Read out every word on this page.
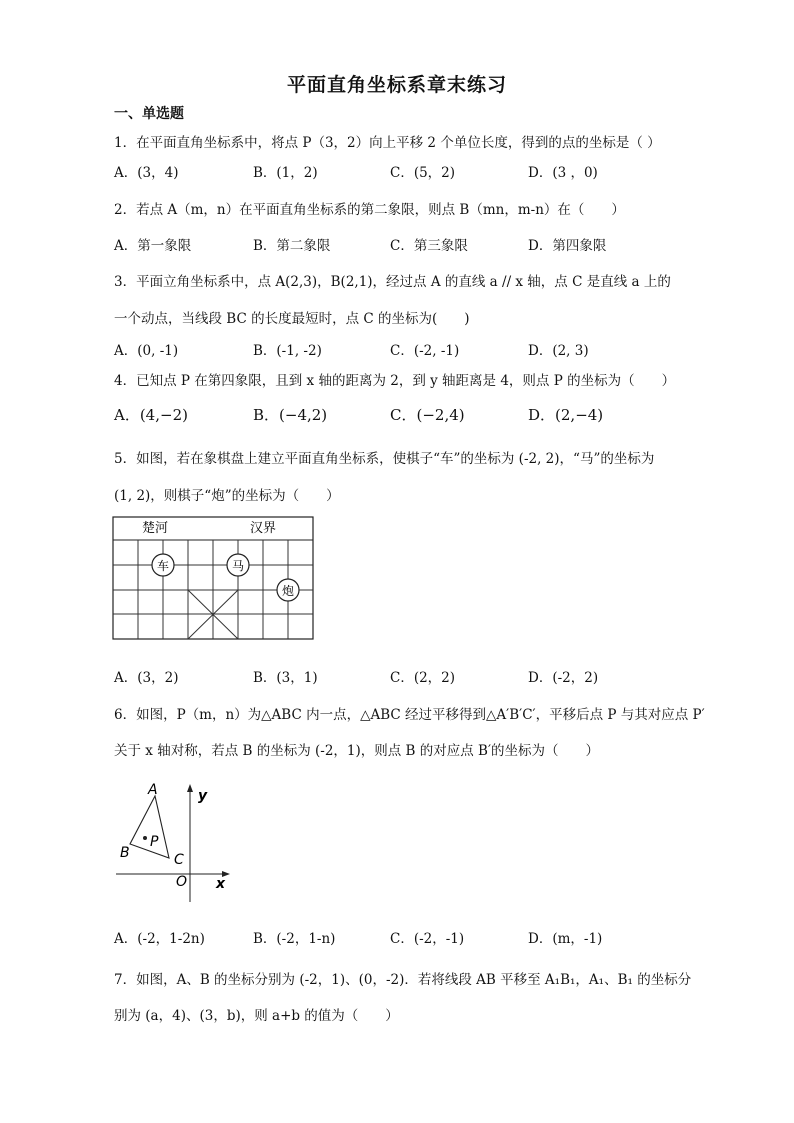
平面直角坐标系章末练习
一、单选题
1．在平面直角坐标系中，将点 P（3，2）向上平移 2 个单位长度，得到的点的坐标是（ ）
A．(3，4)	B．(1，2)	C．(5，2)	D．(3 ，0)
2．若点 A（m，n）在平面直角坐标系的第二象限，则点 B（mn，m-n）在（　　）
A．第一象限	B．第二象限	C．第三象限	D．第四象限
3．平面立角坐标系中，点 A(2,3)，B(2,1)，经过点 A 的直线 a // x 轴，点 C 是直线 a 上的
一个动点，当线段 BC 的长度最短时，点 C 的坐标为(　　)
A．(0, -1)	B．(-1, -2)	C．(-2, -1)	D．(2, 3)
4．已知点 P 在第四象限，且到 x 轴的距离为 2，到 y 轴距离是 4，则点 P 的坐标为（　　）
A．(4,−2)	B．(−4,2)	C．(−2,4)	D．(2,−4)
5．如图，若在象棋盘上建立平面直角坐标系，使棋子“车”的坐标为 (-2, 2)，“马”的坐标为
(1, 2)，则棋子“炮”的坐标为（　　）
楚河	汉界
车	马
炮
A．(3，2)	B．(3，1)	C．(2，2)	D．(-2，2)
6．如图，P（m，n）为△ABC 内一点，△ABC 经过平移得到△A′B′C′，平移后点 P 与其对应点 P′
关于 x 轴对称，若点 B 的坐标为 (-2，1)，则点 B 的对应点 B′的坐标为（　　）
A
B	C
P
O x
y
A．(-2，1-2n)	B．(-2，1-n)	C．(-2，-1)	D．(m，-1)
7．如图，A、B 的坐标分别为 (-2，1)、(0，-2)．若将线段 AB 平移至 A₁B₁，A₁、B₁ 的坐标分
别为 (a，4)、(3，b)，则 a+b 的值为（　　）
